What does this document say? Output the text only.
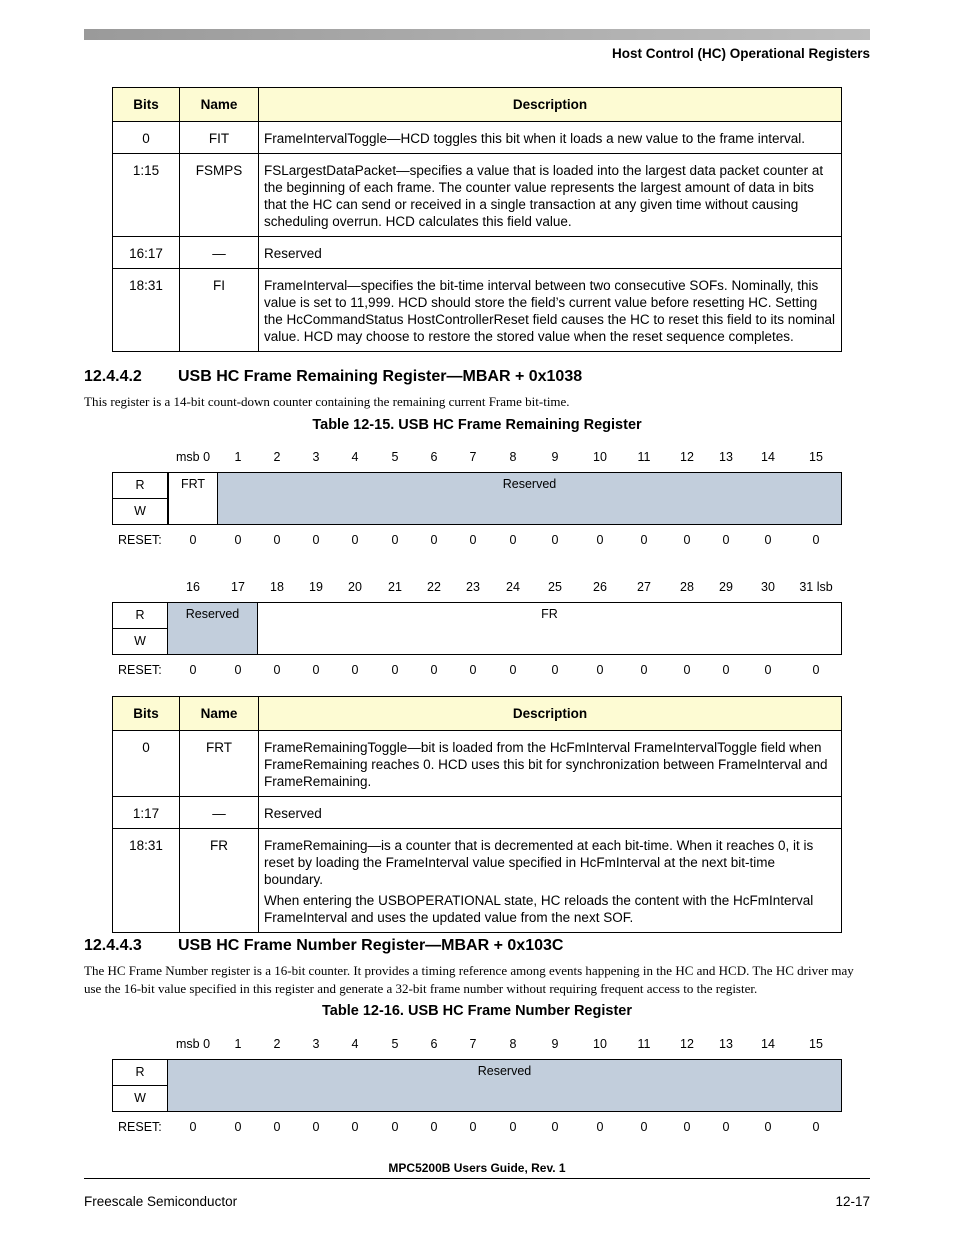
Host Control (HC) Operational Registers
Bits	Name	Description
0	FIT	FrameIntervalToggle—HCD toggles this bit when it loads a new value to the frame interval.

1:15	FSMPS	FSLargestDataPacket—specifies a value that is loaded into the largest data packet counter at the beginning of each frame. The counter value represents the largest amount of data in bits that the HC can send or received in a single transaction at any given time without causing scheduling overrun. HCD calculates this field value.

16:17	—	Reserved

18:31	FI	FrameInterval—specifies the bit-time interval between two consecutive SOFs. Nominally, this value is set to 11,999. HCD should store the field’s current value before resetting HC. Setting the HcCommandStatus HostControllerReset field causes the HC to reset this field to its nominal value. HCD may choose to restore the stored value when the reset sequence completes.

12.4.4.2 USB HC Frame Remaining Register—MBAR + 0x1038
This register is a 14-bit count-down counter containing the remaining current Frame bit-time.
Table 12-15. USB HC Frame Remaining Register
msb 0 1	2	3	4	5	6	7	8	9	10 11 12 13 14	15
R
W
FRT	Reserved
RESET: 0	0	0	0	0	0	0	0	0	0	0	0	0	0	0	0
16 17 18 19 20 21 22 23 24 25 26 27 28 29 30 31 lsb
R
W
Reserved	FR
RESET: 0	0	0	0	0	0	0	0	0	0	0	0	0	0	0	0
Bits	Name	Description
0	FRT	FrameRemainingToggle—bit is loaded from the HcFmInterval FrameIntervalToggle field when FrameRemaining reaches 0. HCD uses this bit for synchronization between FrameInterval and FrameRemaining.

1:17	—	Reserved

18:31	FR	FrameRemaining—is a counter that is decremented at each bit-time. When it reaches 0, it is reset by loading the FrameInterval value specified in HcFmInterval at the next bit-time boundary.

When entering the USBOPERATIONAL state, HC reloads the content with the HcFmInterval FrameInterval and uses the updated value from the next SOF.

12.4.4.3 USB HC Frame Number Register—MBAR + 0x103C
The HC Frame Number register is a 16-bit counter. It provides a timing reference among events happening in the HC and HCD. The HC driver may use the 16-bit value specified in this register and generate a 32-bit frame number without requiring frequent access to the register.
Table 12-16. USB HC Frame Number Register
msb 0 1	2	3	4	5	6	7	8	9	10 11 12 13 14	15
R
W
Reserved
RESET: 0	0	0	0	0	0	0	0	0	0	0	0	0	0	0	0
MPC5200B Users Guide, Rev. 1
Freescale Semiconductor	12-17
